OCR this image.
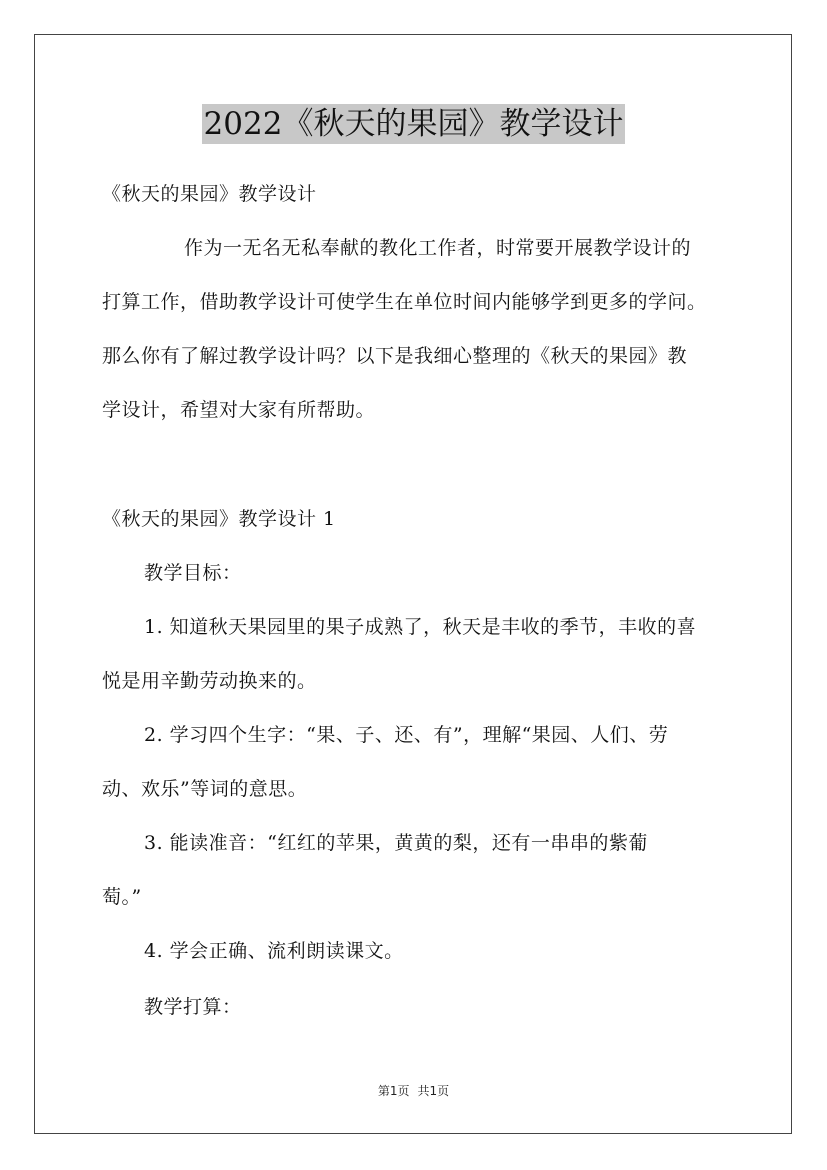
2022《秋天的果园》教学设计
《秋天的果园》教学设计
作为一无名无私奉献的教化工作者，时常要开展教学设计的
打算工作，借助教学设计可使学生在单位时间内能够学到更多的学问。
那么你有了解过教学设计吗？以下是我细心整理的《秋天的果园》教
学设计，希望对大家有所帮助。
《秋天的果园》教学设计 1
教学目标：
1. 知道秋天果园里的果子成熟了，秋天是丰收的季节，丰收的喜
悦是用辛勤劳动换来的。
2. 学习四个生字：“果、子、还、有”，理解“果园、人们、劳
动、欢乐”等词的意思。
3. 能读准音：“红红的苹果，黄黄的梨，还有一串串的紫葡
萄。”
4. 学会正确、流利朗读课文。
教学打算：
第1页 共1页
